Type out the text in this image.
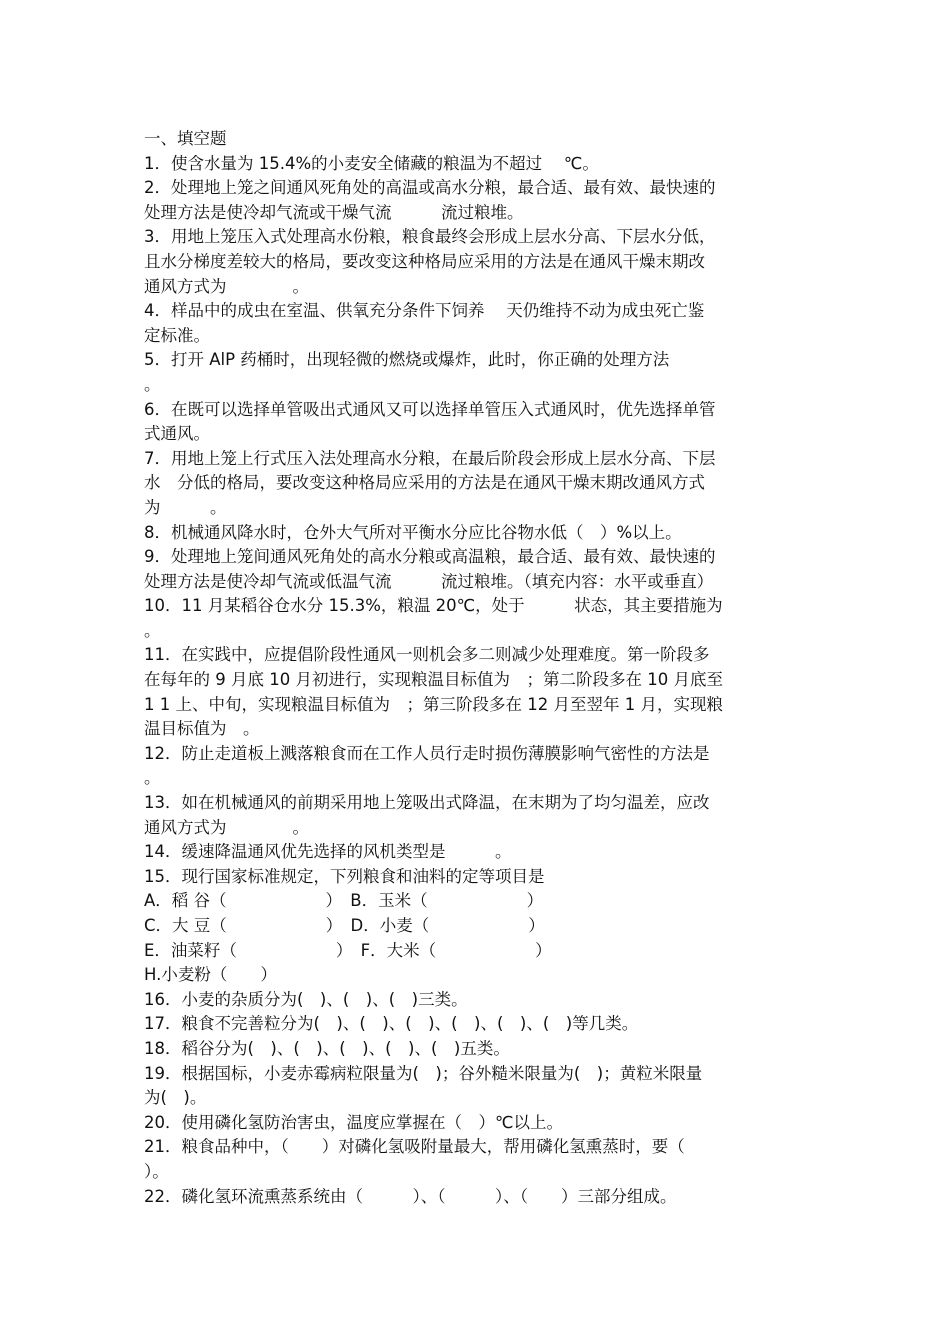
一、填空题
1．使含水量为 15.4%的小麦安全储藏的粮温为不超过　 ℃。
2．处理地上笼之间通风死角处的高温或高水分粮，最合适、最有效、最快速的
处理方法是使冷却气流或干燥气流　　　流过粮堆。
3．用地上笼压入式处理高水份粮，粮食最终会形成上层水分高、下层水分低，
且水分梯度差较大的格局，要改变这种格局应采用的方法是在通风干燥末期改
通风方式为　　　　。
4．样品中的成虫在室温、供氧充分条件下饲养　 天仍维持不动为成虫死亡鉴
定标准。
5．打开 AlP 药桶时，出现轻微的燃烧或爆炸，此时，你正确的处理方法
。
6．在既可以选择单管吸出式通风又可以选择单管压入式通风时，优先选择单管
式通风。
7．用地上笼上行式压入法处理高水分粮，在最后阶段会形成上层水分高、下层
水　分低的格局，要改变这种格局应采用的方法是在通风干燥末期改通风方式
为　　　。
8．机械通风降水时，仓外大气所对平衡水分应比谷物水低（　）%以上。
9．处理地上笼间通风死角处的高水分粮或高温粮，最合适、最有效、最快速的
处理方法是使冷却气流或低温气流　　　流过粮堆。（填充内容：水平或垂直）
10．11 月某稻谷仓水分 15.3%，粮温 20℃，处于　　　状态，其主要措施为
。
11．在实践中，应提倡阶段性通风一则机会多二则减少处理难度。第一阶段多
在每年的 9 月底 10 月初进行，实现粮温目标值为　；第二阶段多在 10 月底至
1 1 上、中旬，实现粮温目标值为　；第三阶段多在 12 月至翌年 1 月，实现粮
温目标值为　。
12．防止走道板上溅落粮食而在工作人员行走时损伤薄膜影响气密性的方法是
。
13．如在机械通风的前期采用地上笼吸出式降温，在末期为了均匀温差，应改
通风方式为　　　　。
14．缓速降温通风优先选择的风机类型是　　　。
15．现行国家标准规定，下列粮食和油料的定等项目是
A．稻 谷（　　　　　　）　B．玉米（　　　　　　）
C．大 豆（　　　　　　）　D．小麦（　　　　　　）
E．油菜籽（　　　　　　）　F．大米（　　　　　　）
H.小麦粉（　　）
16．小麦的杂质分为(　)、(　)、(　)三类。
17．粮食不完善粒分为(　)、(　)、(　)、(　)、(　)、(　)等几类。
18．稻谷分为(　)、(　)、(　)、(　)、(　)五类。
19．根据国标，小麦赤霉病粒限量为(　)；谷外糙米限量为(　)；黄粒米限量
为(　)。
20．使用磷化氢防治害虫，温度应掌握在（　）℃以上。
21．粮食品种中，（　　）对磷化氢吸附量最大，帮用磷化氢熏蒸时，要（
）。
22．磷化氢环流熏蒸系统由（　　　）、（　　　）、（　　）三部分组成。
